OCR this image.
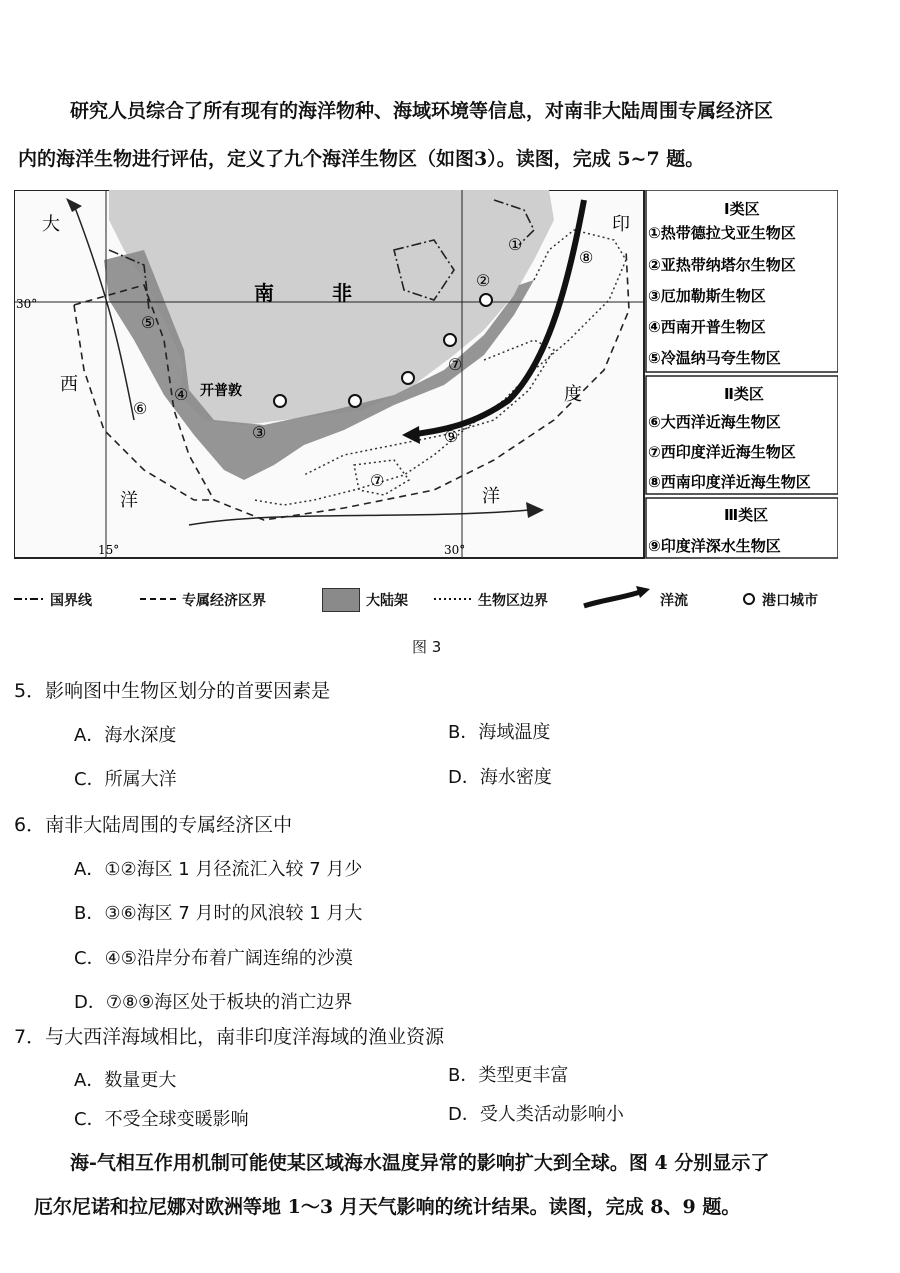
研究人员综合了所有现有的海洋物种、海域环境等信息，对南非大陆周围专属经济区
内的海洋生物进行评估，定义了九个海洋生物区（如图3）。读图，完成 5~7 题。
大
西
洋
印
度
洋
南	非
开普敦
30°
15°	30°
①
②
③
④
⑤
⑥
⑦
⑧
⑨
⑦
Ⅰ类区
①热带德拉戈亚生物区
②亚热带纳塔尔生物区
③厄加勒斯生物区
④西南开普生物区
⑤冷温纳马夸生物区
Ⅱ类区
⑥大西洋近海生物区
⑦西印度洋近海生物区
⑧西南印度洋近海生物区
Ⅲ类区
⑨印度洋深水生物区
国界线	专属经济区界	大陆架	生物区边界	洋流	港口城市
图 3
5．影响图中生物区划分的首要因素是
A．海水深度	B．海域温度
C．所属大洋	D．海水密度
6．南非大陆周围的专属经济区中
A．①②海区 1 月径流汇入较 7 月少
B．③⑥海区 7 月时的风浪较 1 月大
C．④⑤沿岸分布着广阔连绵的沙漠
D．⑦⑧⑨海区处于板块的消亡边界
7．与大西洋海域相比，南非印度洋海域的渔业资源
A．数量更大	B．类型更丰富
C．不受全球变暖影响	D．受人类活动影响小
海-气相互作用机制可能使某区域海水温度异常的影响扩大到全球。图 4 分别显示了
厄尔尼诺和拉尼娜对欧洲等地 1～3 月天气影响的统计结果。读图，完成 8、9 题。
